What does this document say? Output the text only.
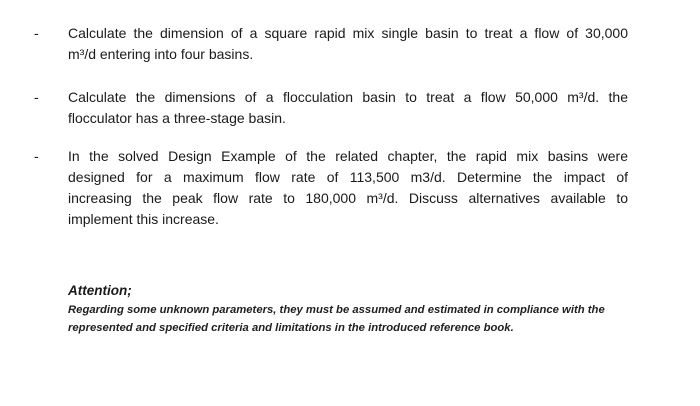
- Calculate the dimension of a square rapid mix single basin to treat a flow of 30,000
m³/d entering into four basins.
- Calculate the dimensions of a flocculation basin to treat a flow 50,000 m³/d. the
flocculator has a three-stage basin.
- In the solved Design Example of the related chapter, the rapid mix basins were
designed for a maximum flow rate of 113,500 m3/d. Determine the impact of
increasing the peak flow rate to 180,000 m³/d. Discuss alternatives available to
implement this increase.
Attention;
Regarding some unknown parameters, they must be assumed and estimated in compliance with the
represented and specified criteria and limitations in the introduced reference book.
